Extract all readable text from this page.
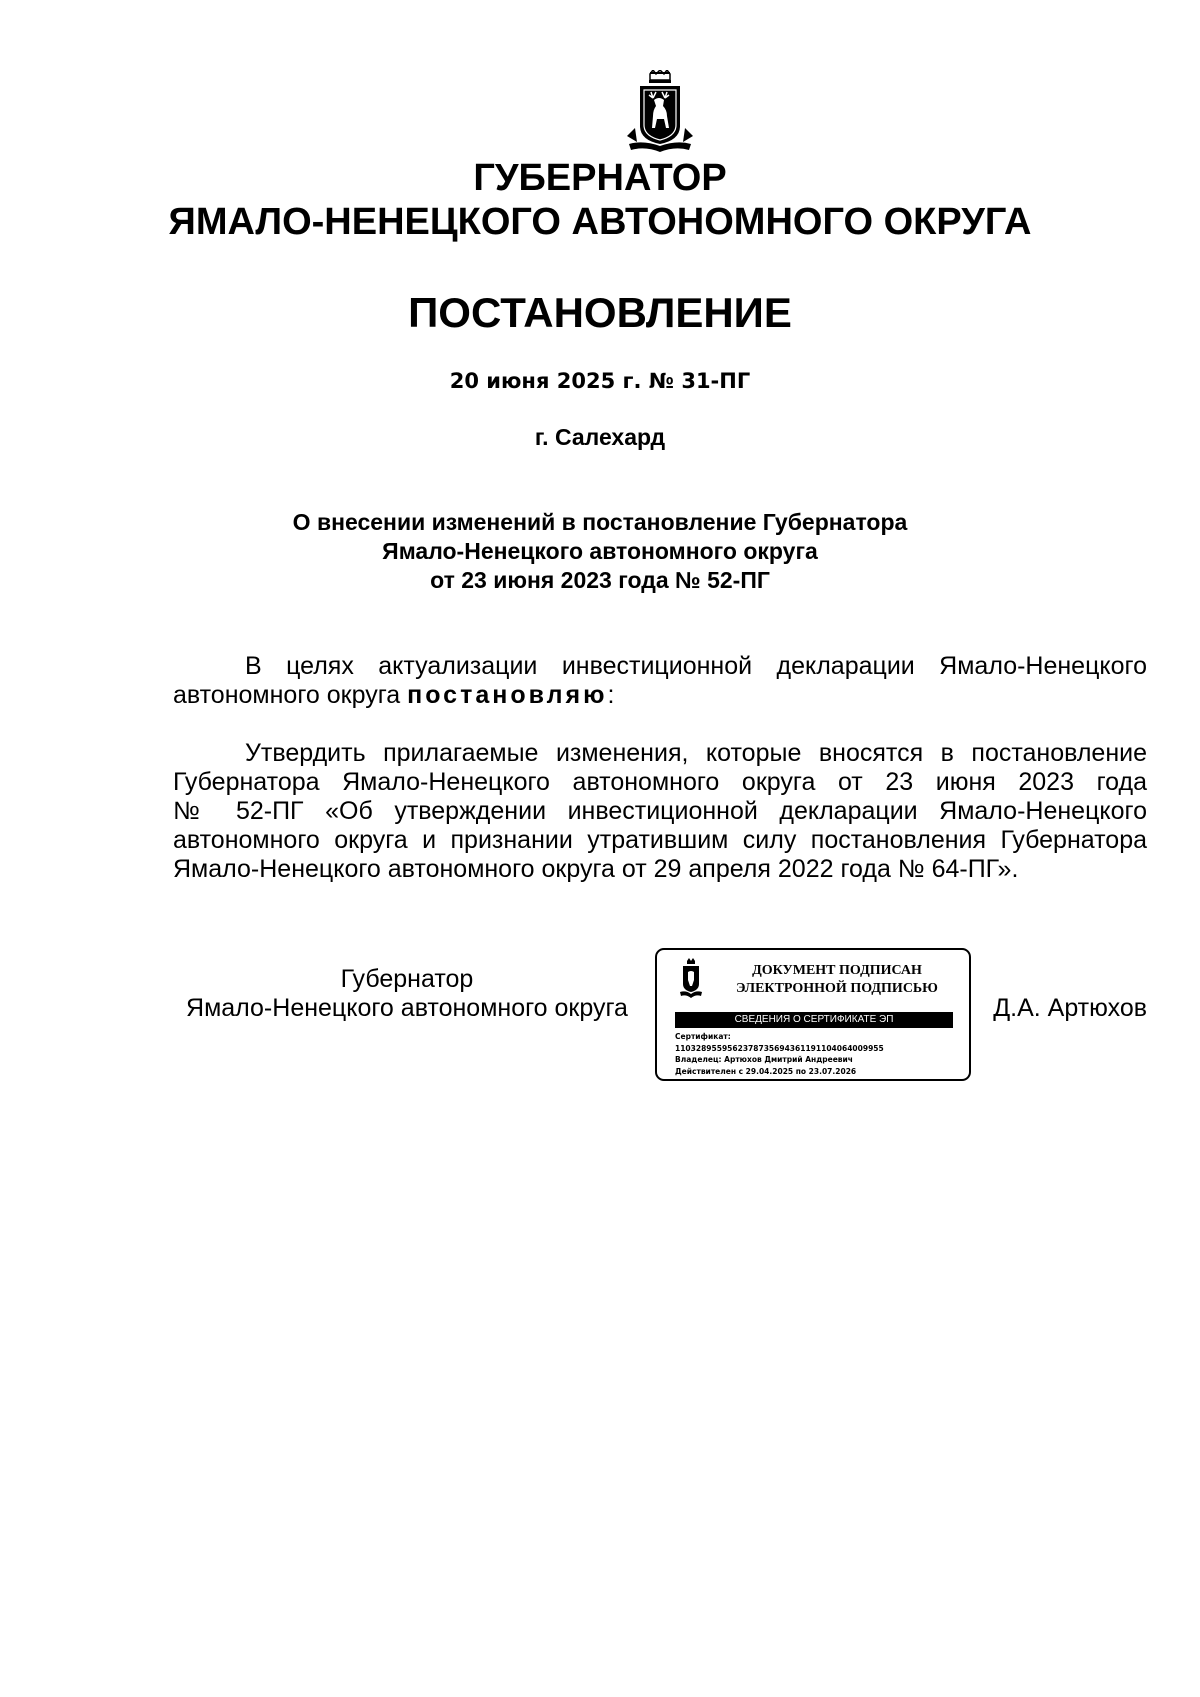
ГУБЕРНАТОР
ЯМАЛО-НЕНЕЦКОГО АВТОНОМНОГО ОКРУГА
ПОСТАНОВЛЕНИЕ
20 июня 2025 г. № 31-ПГ
г. Салехард
О внесении изменений в постановление Губернатора
Ямало-Ненецкого автономного округа
от 23 июня 2023 года № 52-ПГ
В целях актуализации инвестиционной декларации Ямало-Ненецкого
автономного округа постановляю:
Утвердить прилагаемые изменения, которые вносятся в постановление
Губернатора Ямало-Ненецкого автономного округа от 23 июня 2023 года
№ 52-ПГ «Об утверждении инвестиционной декларации Ямало-Ненецкого
автономного округа и признании утратившим силу постановления Губернатора
Ямало-Ненецкого автономного округа от 29 апреля 2022 года № 64-ПГ».
Губернатор
Ямало-Ненецкого автономного округа
ДОКУМЕНТ ПОДПИСАН
ЭЛЕКТРОННОЙ ПОДПИСЬЮ
СВЕДЕНИЯ О СЕРТИФИКАТЕ ЭП
Сертификат:
1103289559562378735694361191104064009955
Владелец: Артюхов Дмитрий Андреевич
Действителен с 29.04.2025 по 23.07.2026
Д.А. Артюхов
